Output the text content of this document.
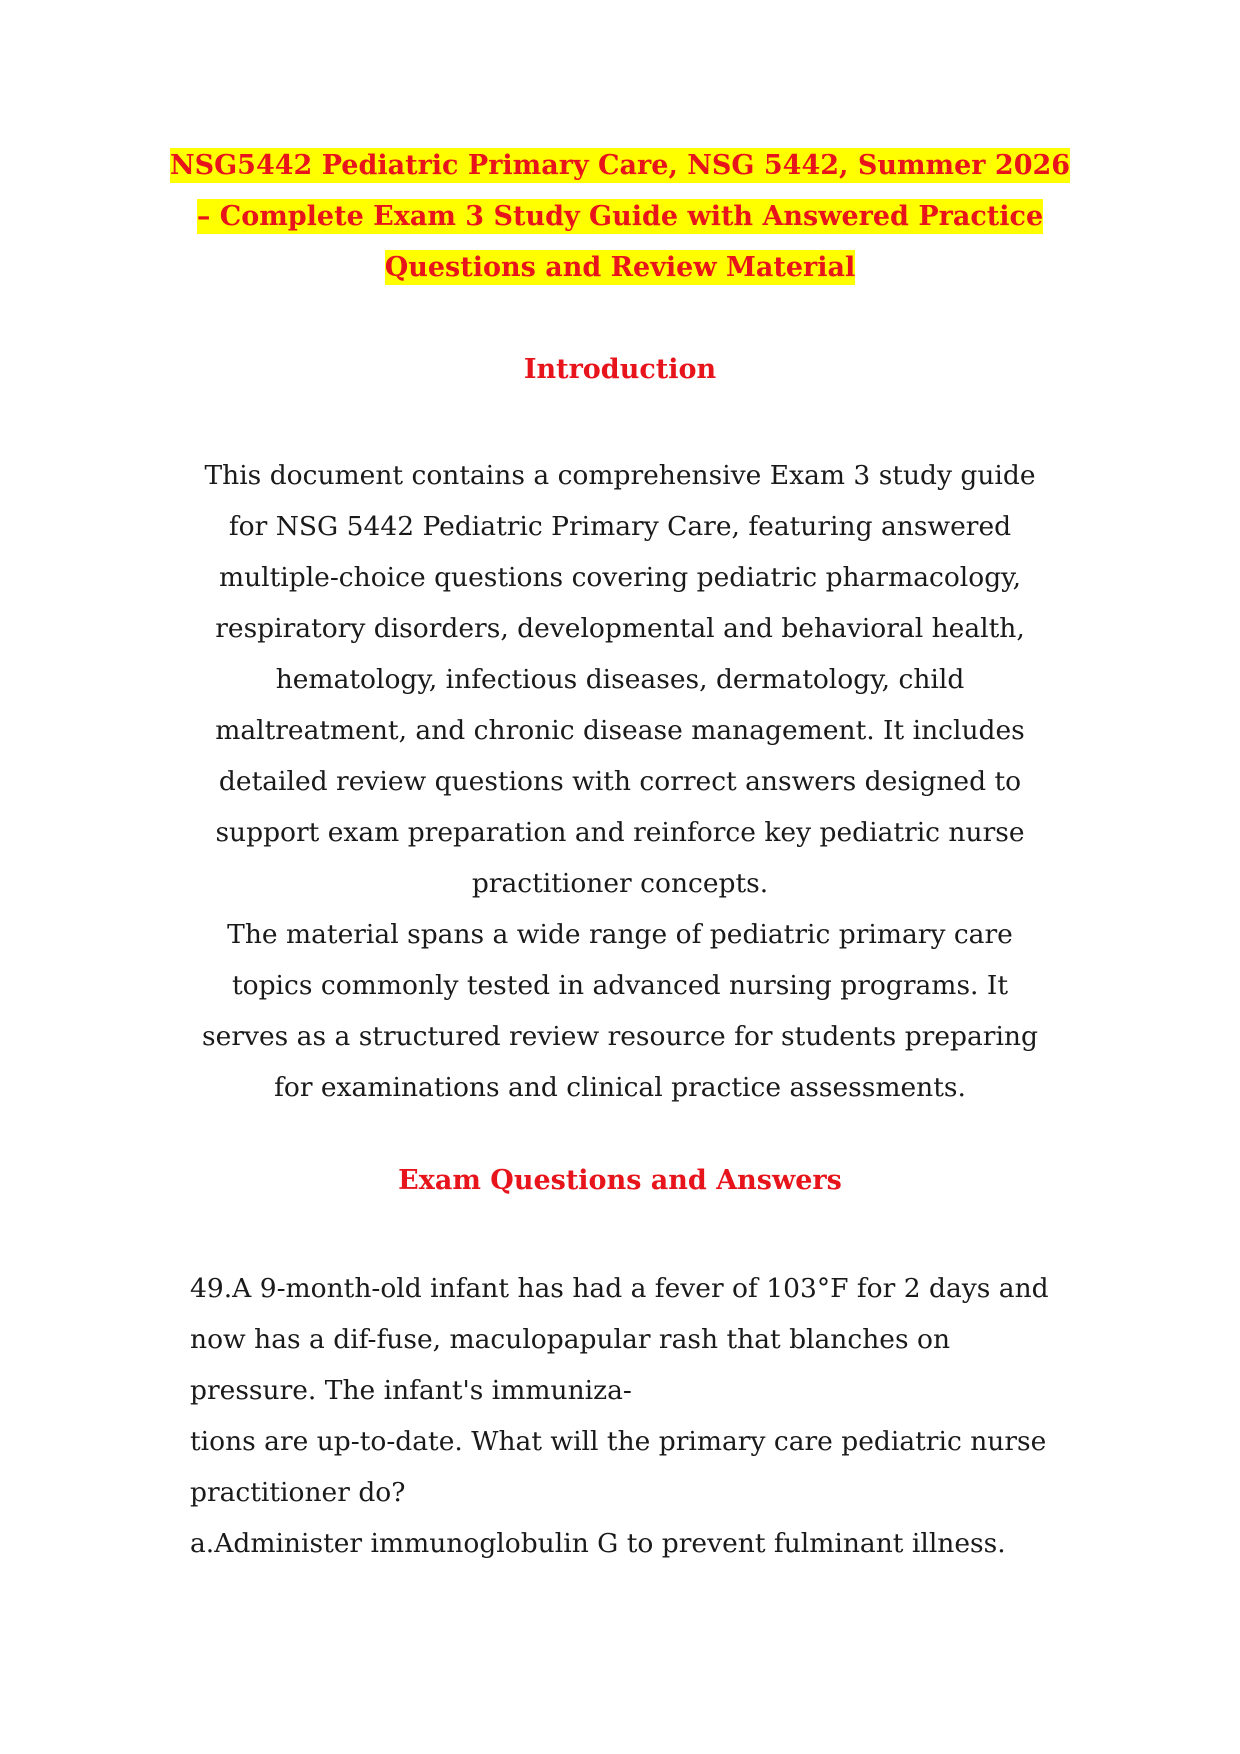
NSG5442 Pediatric Primary Care, NSG 5442, Summer 2026
– Complete Exam 3 Study Guide with Answered Practice
Questions and Review Material
Introduction

This document contains a comprehensive Exam 3 study guide for NSG 5442 Pediatric Primary Care, featuring answered multiple-choice questions covering pediatric pharmacology, respiratory disorders, developmental and behavioral health, hematology, infectious diseases, dermatology, child maltreatment, and chronic disease management. It includes detailed review questions with correct answers designed to support exam preparation and reinforce key pediatric nurse practitioner concepts.

The material spans a wide range of pediatric primary care topics commonly tested in advanced nursing programs. It serves as a structured review resource for students preparing for examinations and clinical practice assessments.

Exam Questions and Answers

49.A 9-month-old infant has had a fever of 103°F for 2 days and now has a dif-fuse, maculopapular rash that blanches on pressure. The infant's immuniza-

tions are up-to-date. What will the primary care pediatric nurse practitioner do?

a.Administer immunoglobulin G to prevent fulminant illness.
